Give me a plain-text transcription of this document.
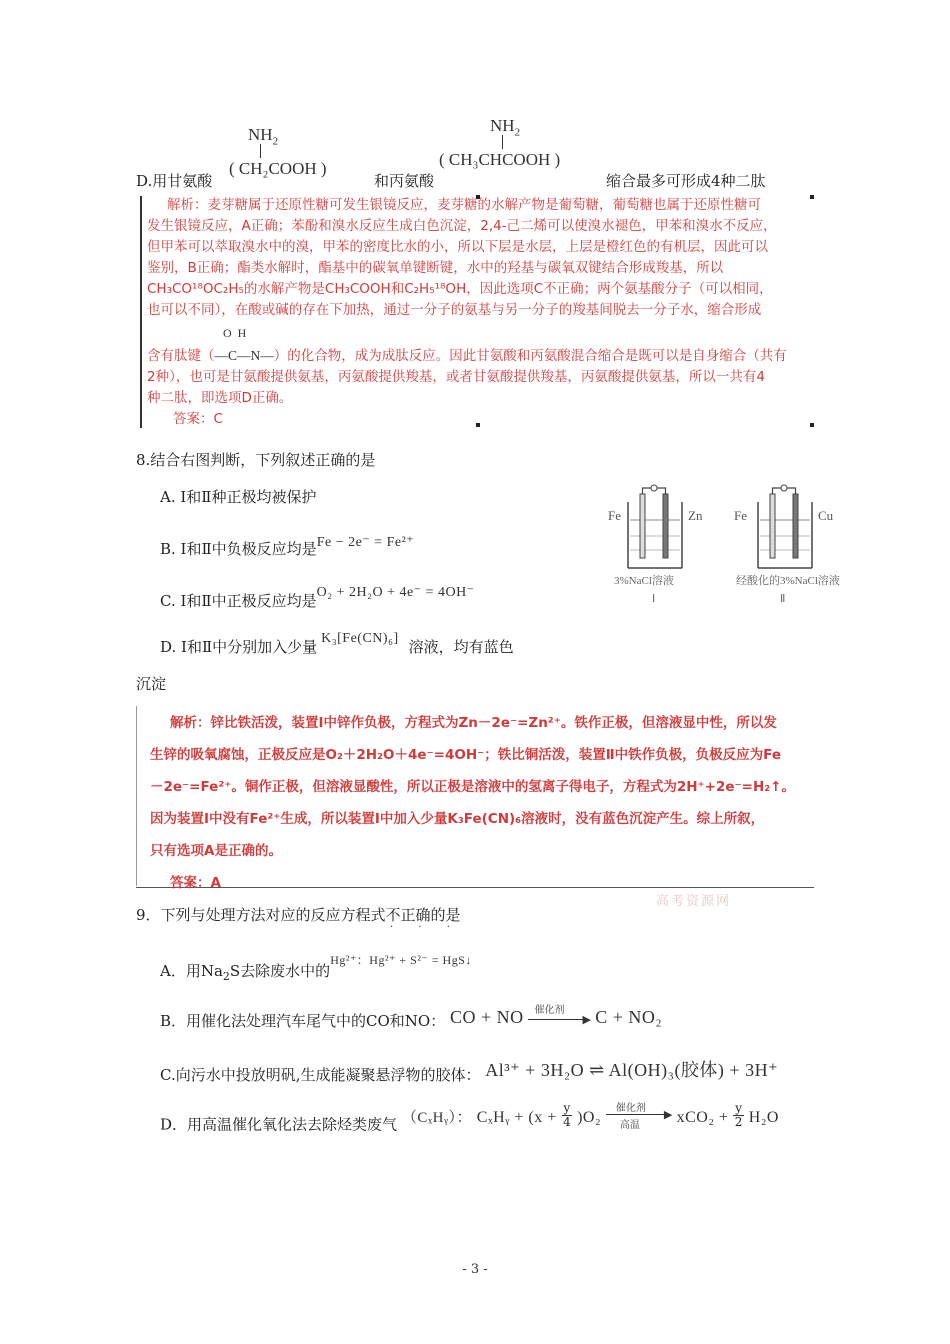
D.用甘氨酸
$NH_2$
( CH₂COOH )
和丙氨酸
$NH_2$
( CH₃CHCOOH )
缩合最多可形成4种二肽
解析：麦芽糖属于还原性糖可发生银镜反应，麦芽糖的水解产物是葡萄糖，葡萄糖也属于还原性糖可
发生银镜反应，A正确；苯酚和溴水反应生成白色沉淀，2,4-己二烯可以使溴水褪色，甲苯和溴水不反应，
但甲苯可以萃取溴水中的溴，甲苯的密度比水的小，所以下层是水层，上层是橙红色的有机层，因此可以
鉴别，B正确；酯类水解时，酯基中的碳氧单键断键，水中的羟基与碳氧双键结合形成羧基，所以
CH₃CO¹⁸OC₂H₅的水解产物是CH₃COOH和C₂H₅¹⁸OH，因此选项C不正确；两个氨基酸分子（可以相同，
也可以不同），在酸或碱的存在下加热，通过一分子的氨基与另一分子的羧基间脱去一分子水，缩合形成
O  H
含有肽键（—C—N—）的化合物，成为成肽反应。因此甘氨酸和丙氨酸混合缩合是既可以是自身缩合（共有
2种），也可是甘氨酸提供氨基，丙氨酸提供羧基，或者甘氨酸提供羧基，丙氨酸提供氨基，所以一共有4
种二肽，即选项D正确。
答案：C
8.结合右图判断，下列叙述正确的是
A. Ⅰ和Ⅱ种正极均被保护
B. Ⅰ和Ⅱ中负极反应均是Fe − 2e⁻ = Fe²⁺
C. Ⅰ和Ⅱ中正极反应均是O₂ + 2H₂O + 4e⁻ = 4OH⁻
D. Ⅰ和Ⅱ中分别加入少量 K₃[Fe(CN)₆] 溶液，均有蓝色
沉淀
Fe	Zn
3%NaCl溶液
Ⅰ
Fe	Cu
经酸化的3%NaCl溶液
Ⅱ
解析：锌比铁活泼，装置Ⅰ中锌作负极，方程式为Zn－2e⁻=Zn²⁺。铁作正极，但溶液显中性，所以发
生锌的吸氧腐蚀，正极反应是O₂＋2H₂O＋4e⁻=4OH⁻；铁比铜活泼，装置Ⅱ中铁作负极，负极反应为Fe
－2e⁻=Fe²⁺。铜作正极，但溶液显酸性，所以正极是溶液中的氢离子得电子，方程式为2H⁺+2e⁻=H₂↑。
因为装置Ⅰ中没有Fe²⁺生成，所以装置Ⅰ中加入少量K₃Fe(CN)₆溶液时，没有蓝色沉淀产生。综上所叙，
只有选项A是正确的。
答案：A
高考资源网
9．下列与处理方法对应的反应方程式不正确的是
· · ·
A．用$Na_2S$去除废水中的$^{Hg^{2+}:Hg^{2+} + S^{2-} = HgS↓}$
B．用催化法处理汽车尾气中的CO和NO： CO + NO 催化剂
▶ C + NO₂
C.向污水中投放明矾,生成能凝聚悬浮物的胶体： Al³⁺ + 3H₂O ⇌ Al(OH)₃(胶体) + 3H⁺
D．用高温催化氧化法去除烃类废气 （CₓHᵧ）： CₓHᵧ + $(x + \frac{y}{4} )O_2$
催化剂 ▶
高温 $xCO_2 + \frac{y}{2} H_2O$
- 3 -
